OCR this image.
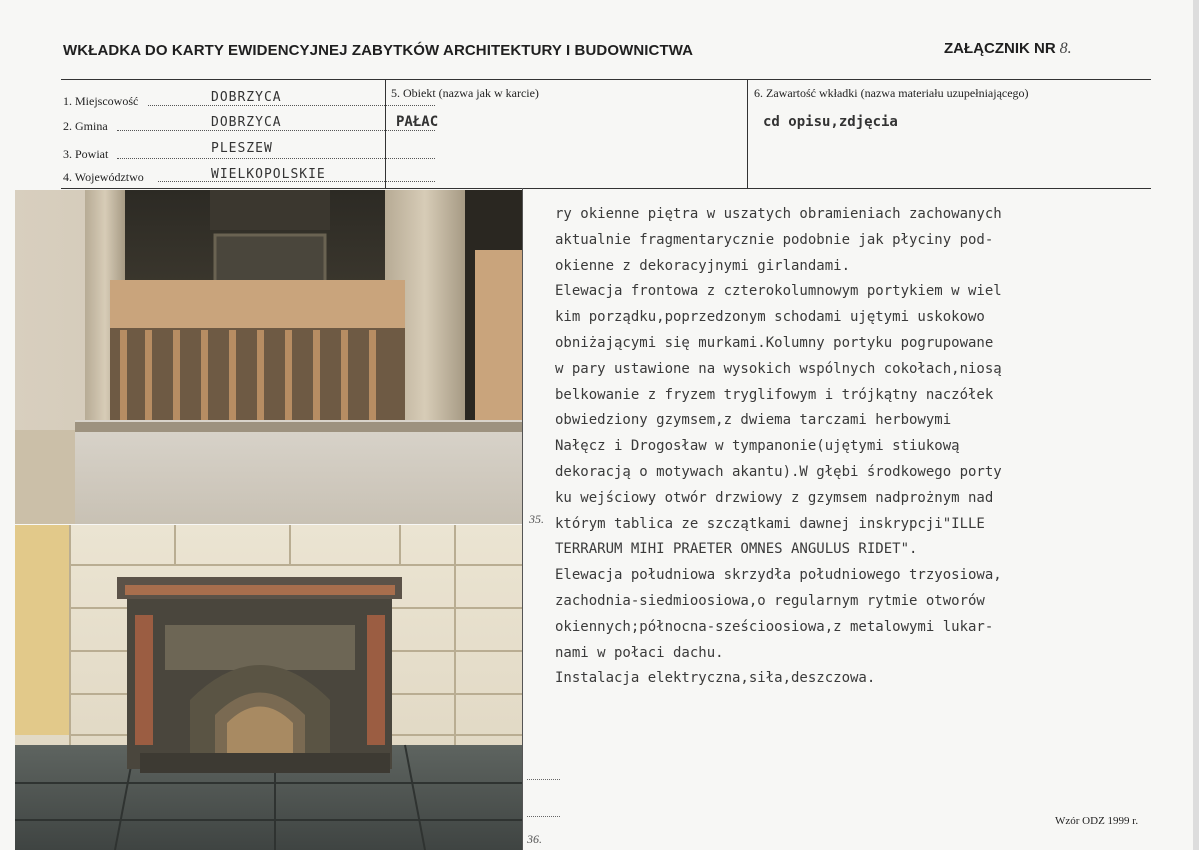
WKŁADKA DO KARTY EWIDENCYJNEJ ZABYTKÓW ARCHITEKTURY I BUDOWNICTWA	ZAŁĄCZNIK NR 8.
1. Miejscowość	DOBRZYCA
2. Gmina	DOBRZYCA
3. Powiat	PLESZEW
4. Województwo	WIELKOPOLSKIE
5. Obiekt (nazwa jak w karcie)
PAŁAC
6. Zawartość wkładki (nazwa materiału uzupełniającego)
cd opisu,zdjęcia
35.
36.
ry okienne piętra w uszatych obramieniach zachowanych
aktualnie fragmentarycznie podobnie jak płyciny pod-
okienne z dekoracyjnymi girlandami.
Elewacja frontowa z czterokolumnowym portykiem w wiel
kim porządku,poprzedzonym schodami ujętymi uskokowo
obniżającymi się murkami.Kolumny portyku pogrupowane
w pary ustawione na wysokich wspólnych cokołach,niosą
belkowanie z fryzem tryglifowym i trójkątny naczółek
obwiedziony gzymsem,z dwiema tarczami herbowymi
Nałęcz i Drogosław w tympanonie(ujętymi stiukową
dekoracją o motywach akantu).W głębi środkowego porty
ku wejściowy otwór drzwiowy z gzymsem nadprożnym nad
którym tablica ze szczątkami dawnej inskrypcji"ILLE
TERRARUM MIHI PRAETER OMNES ANGULUS RIDET".
Elewacja południowa skrzydła południowego trzyosiowa,
zachodnia-siedmioosiowa,o regularnym rytmie otworów
okiennych;północna-sześcioosiowa,z metalowymi lukar-
nami w połaci dachu.
Instalacja elektryczna,siła,deszczowa.
Wzór ODZ 1999 r.
